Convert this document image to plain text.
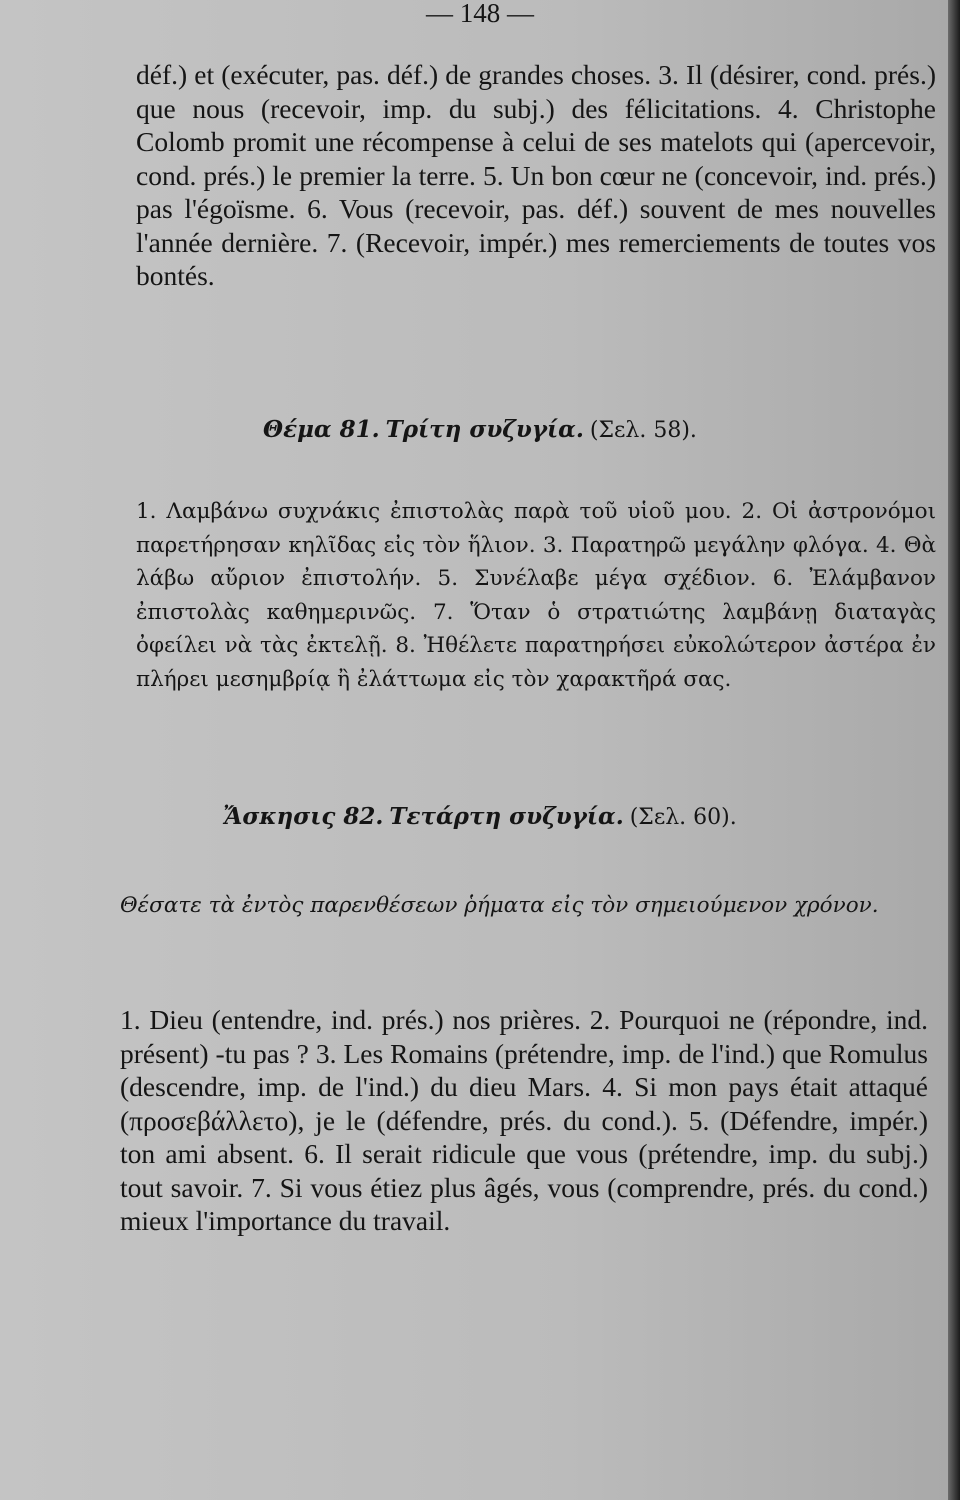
— 148 —

déf.) et (exécuter, pas. déf.) de grandes choses. 3. Il (désirer, cond. prés.) que nous (recevoir, imp. du subj.) des félicitations. 4. Christophe Colomb promit une récompense à celui de ses matelots qui (apercevoir, cond. prés.) le premier la terre. 5. Un bon cœur ne (concevoir, ind. prés.) pas l'égoïsme. 6. Vous (recevoir, pas. déf.) souvent de mes nouvelles l'année dernière. 7. (Recevoir, impér.) mes remerciements de toutes vos bontés.

Θέμα 81. Τρίτη συζυγία. (Σελ. 58).

1. Λαμβάνω συχνάκις ἐπιστολὰς παρὰ τοῦ υἱοῦ μου. 2. Οἱ ἀστρονόμοι παρετήρησαν κηλῖδας εἰς τὸν ἥλιον. 3. Παρατηρῶ μεγάλην φλόγα. 4. Θὰ λάβω αὔριον ἐπιστολήν. 5. Συνέλαβε μέγα σχέδιον. 6. Ἐλάμβανον ἐπιστολὰς καθημερινῶς. 7. Ὅταν ὁ στρατιώτης λαμβάνῃ διαταγὰς ὀφείλει νὰ τὰς ἐκτελῇ. 8. Ἠθέλετε παρατηρήσει εὐκολώτερον ἀστέρα ἐν πλήρει μεσημβρίᾳ ἢ ἐλάττωμα εἰς τὸν χαρακτῆρά σας.

Ἄσκησις 82. Τετάρτη συζυγία. (Σελ. 60).

Θέσατε τὰ ἐντὸς παρενθέσεων ῥήματα εἰς τὸν σημειούμενον χρόνον.

1. Dieu (entendre, ind. prés.) nos prières. 2. Pourquoi ne (répondre, ind. présent) -tu pas ? 3. Les Romains (prétendre, imp. de l'ind.) que Romulus (descendre, imp. de l'ind.) du dieu Mars. 4. Si mon pays était attaqué (προσεβάλλετο), je le (défendre, prés. du cond.). 5. (Défendre, impér.) ton ami absent. 6. Il serait ridicule que vous (prétendre, imp. du subj.) tout savoir. 7. Si vous étiez plus âgés, vous (comprendre, prés. du cond.) mieux l'importance du travail.
